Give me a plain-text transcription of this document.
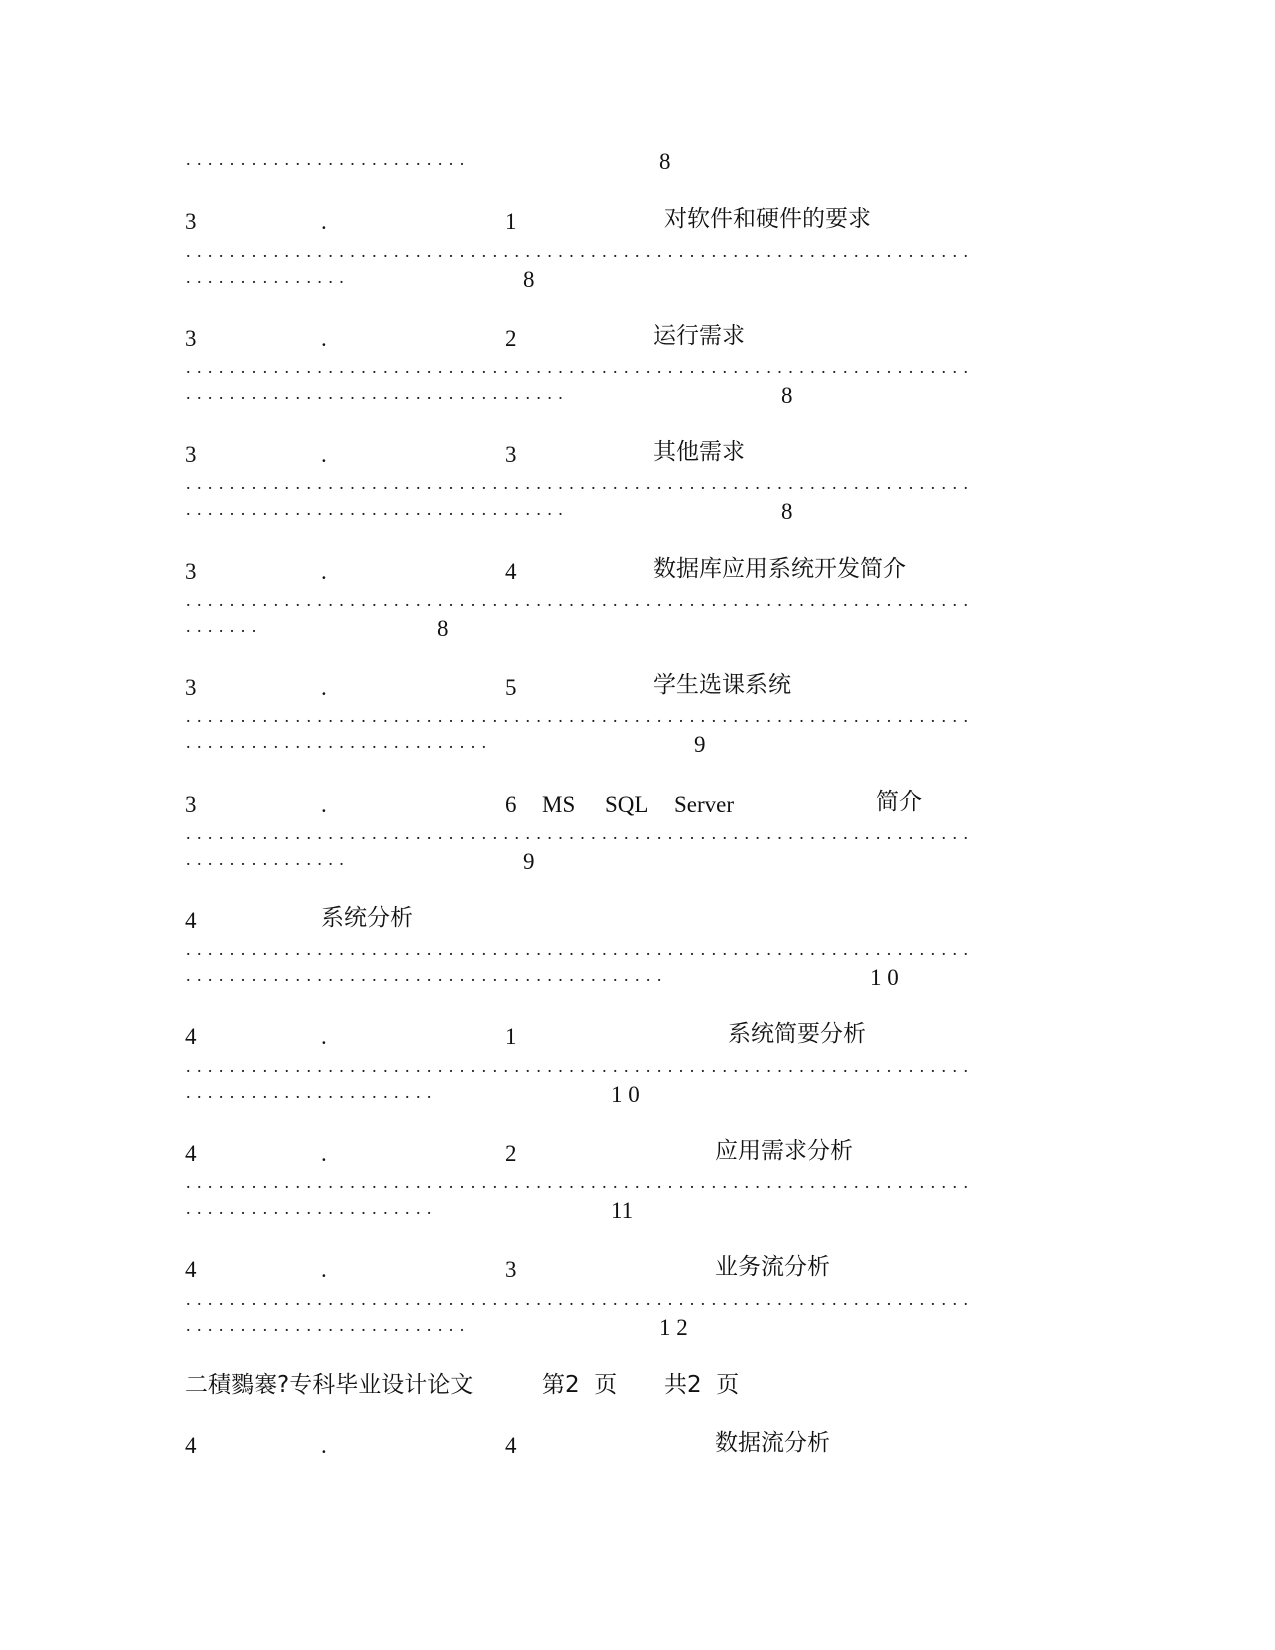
..........................	8
3	.	1	对软件和硬件的要求
........................................................................
...............	8
3	.	2	运行需求
........................................................................
...................................	8
3	.	3	其他需求
........................................................................
...................................	8
3	.	4	数据库应用系统开发简介
........................................................................
.......	8
3	.	5	学生选课系统
........................................................................
............................	9
3	.	6 MS SQL Server	简介
........................................................................
...............	9
4	系统分析
........................................................................
............................................	1 0
4	.	1	系统简要分析
........................................................................
.......................	1 0
4	.	2	应用需求分析
........................................................................
.......................	11
4	.	3	业务流分析
........................................................................
..........................	1 2
二積鷚褰?专科毕业设计论文	第2  页 共2  页
4	.	4	数据流分析
